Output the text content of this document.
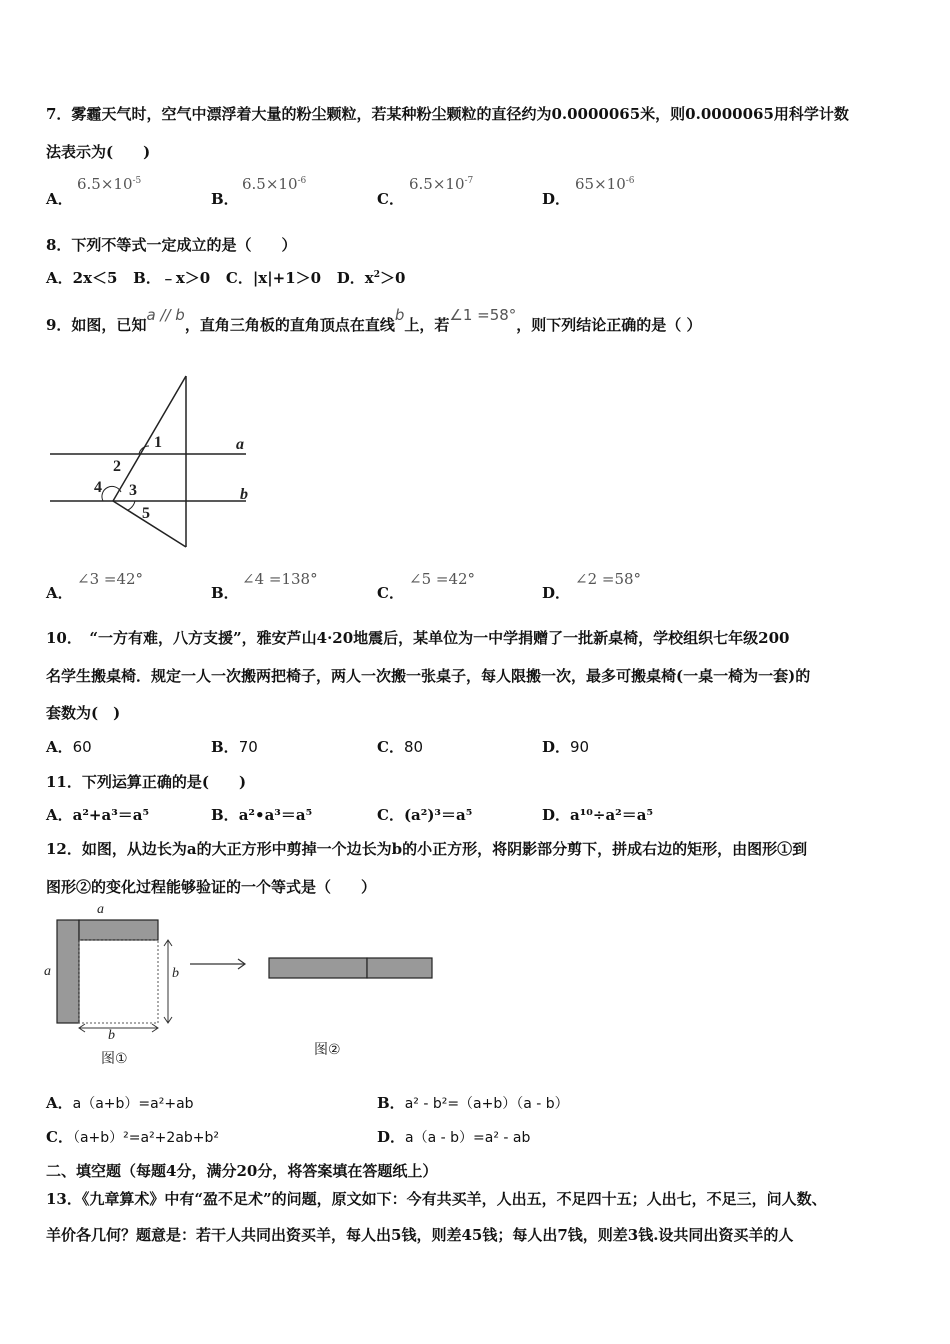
7．雾霾天气时，空气中漂浮着大量的粉尘颗粒，若某种粉尘颗粒的直径约为0.0000065米，则0.0000065用科学计数
法表示为(　　)
A．
$6.5\times 10^{-5}$
B．
$6.5\times 10^{-6}$
C．
$6.5\times 10^{-7}$
D．
$65\times 10^{-6}$
8．下列不等式一定成立的是（　　）
A．2x＜5 B．﹣x＞0 C．|x|+1＞0 D．$x^2>0$
9．如图，已知a // b，直角三角板的直角顶点在直线b上，若∠1 =58°，则下列结论正确的是（ ）
1
2
3
4
5
a
b
A．
∠3 =42°
B．
∠4 =138°
C．
∠5 =42°
D．
∠2 =58°
10．　“一方有难，八方支援”，雅安芦山4·20地震后，某单位为一中学捐赠了一批新桌椅，学校组织七年级200
名学生搬桌椅．规定一人一次搬两把椅子，两人一次搬一张桌子，每人限搬一次，最多可搬桌椅(一桌一椅为一套)的
套数为(　)
A．60	B．70	C．80	D．90
11．下列运算正确的是(　　)
A．a²+a³＝a⁵	B．a²•a³＝a⁵	C．(a²)³＝a⁵	D．a¹⁰÷a²＝a⁵
12．如图，从边长为a的大正方形中剪掉一个边长为b的小正方形，将阴影部分剪下，拼成右边的矩形，由图形①到
图形②的变化过程能够验证的一个等式是（　　）
a
a	b
b
图①
图②
A．a（a+b）=a²+ab	B．a² - b²=（a+b）（a - b）
C．（a+b）²=a²+2ab+b²	D．a（a - b）=a² - ab
二、填空题（每题4分，满分20分，将答案填在答题纸上）
13．《九章算术》中有“盈不足术”的问题，原文如下：今有共买羊，人出五，不足四十五；人出七，不足三，问人数、
羊价各几何？题意是：若干人共同出资买羊，每人出5钱，则差45钱；每人出7钱，则差3钱.设共同出资买羊的人
